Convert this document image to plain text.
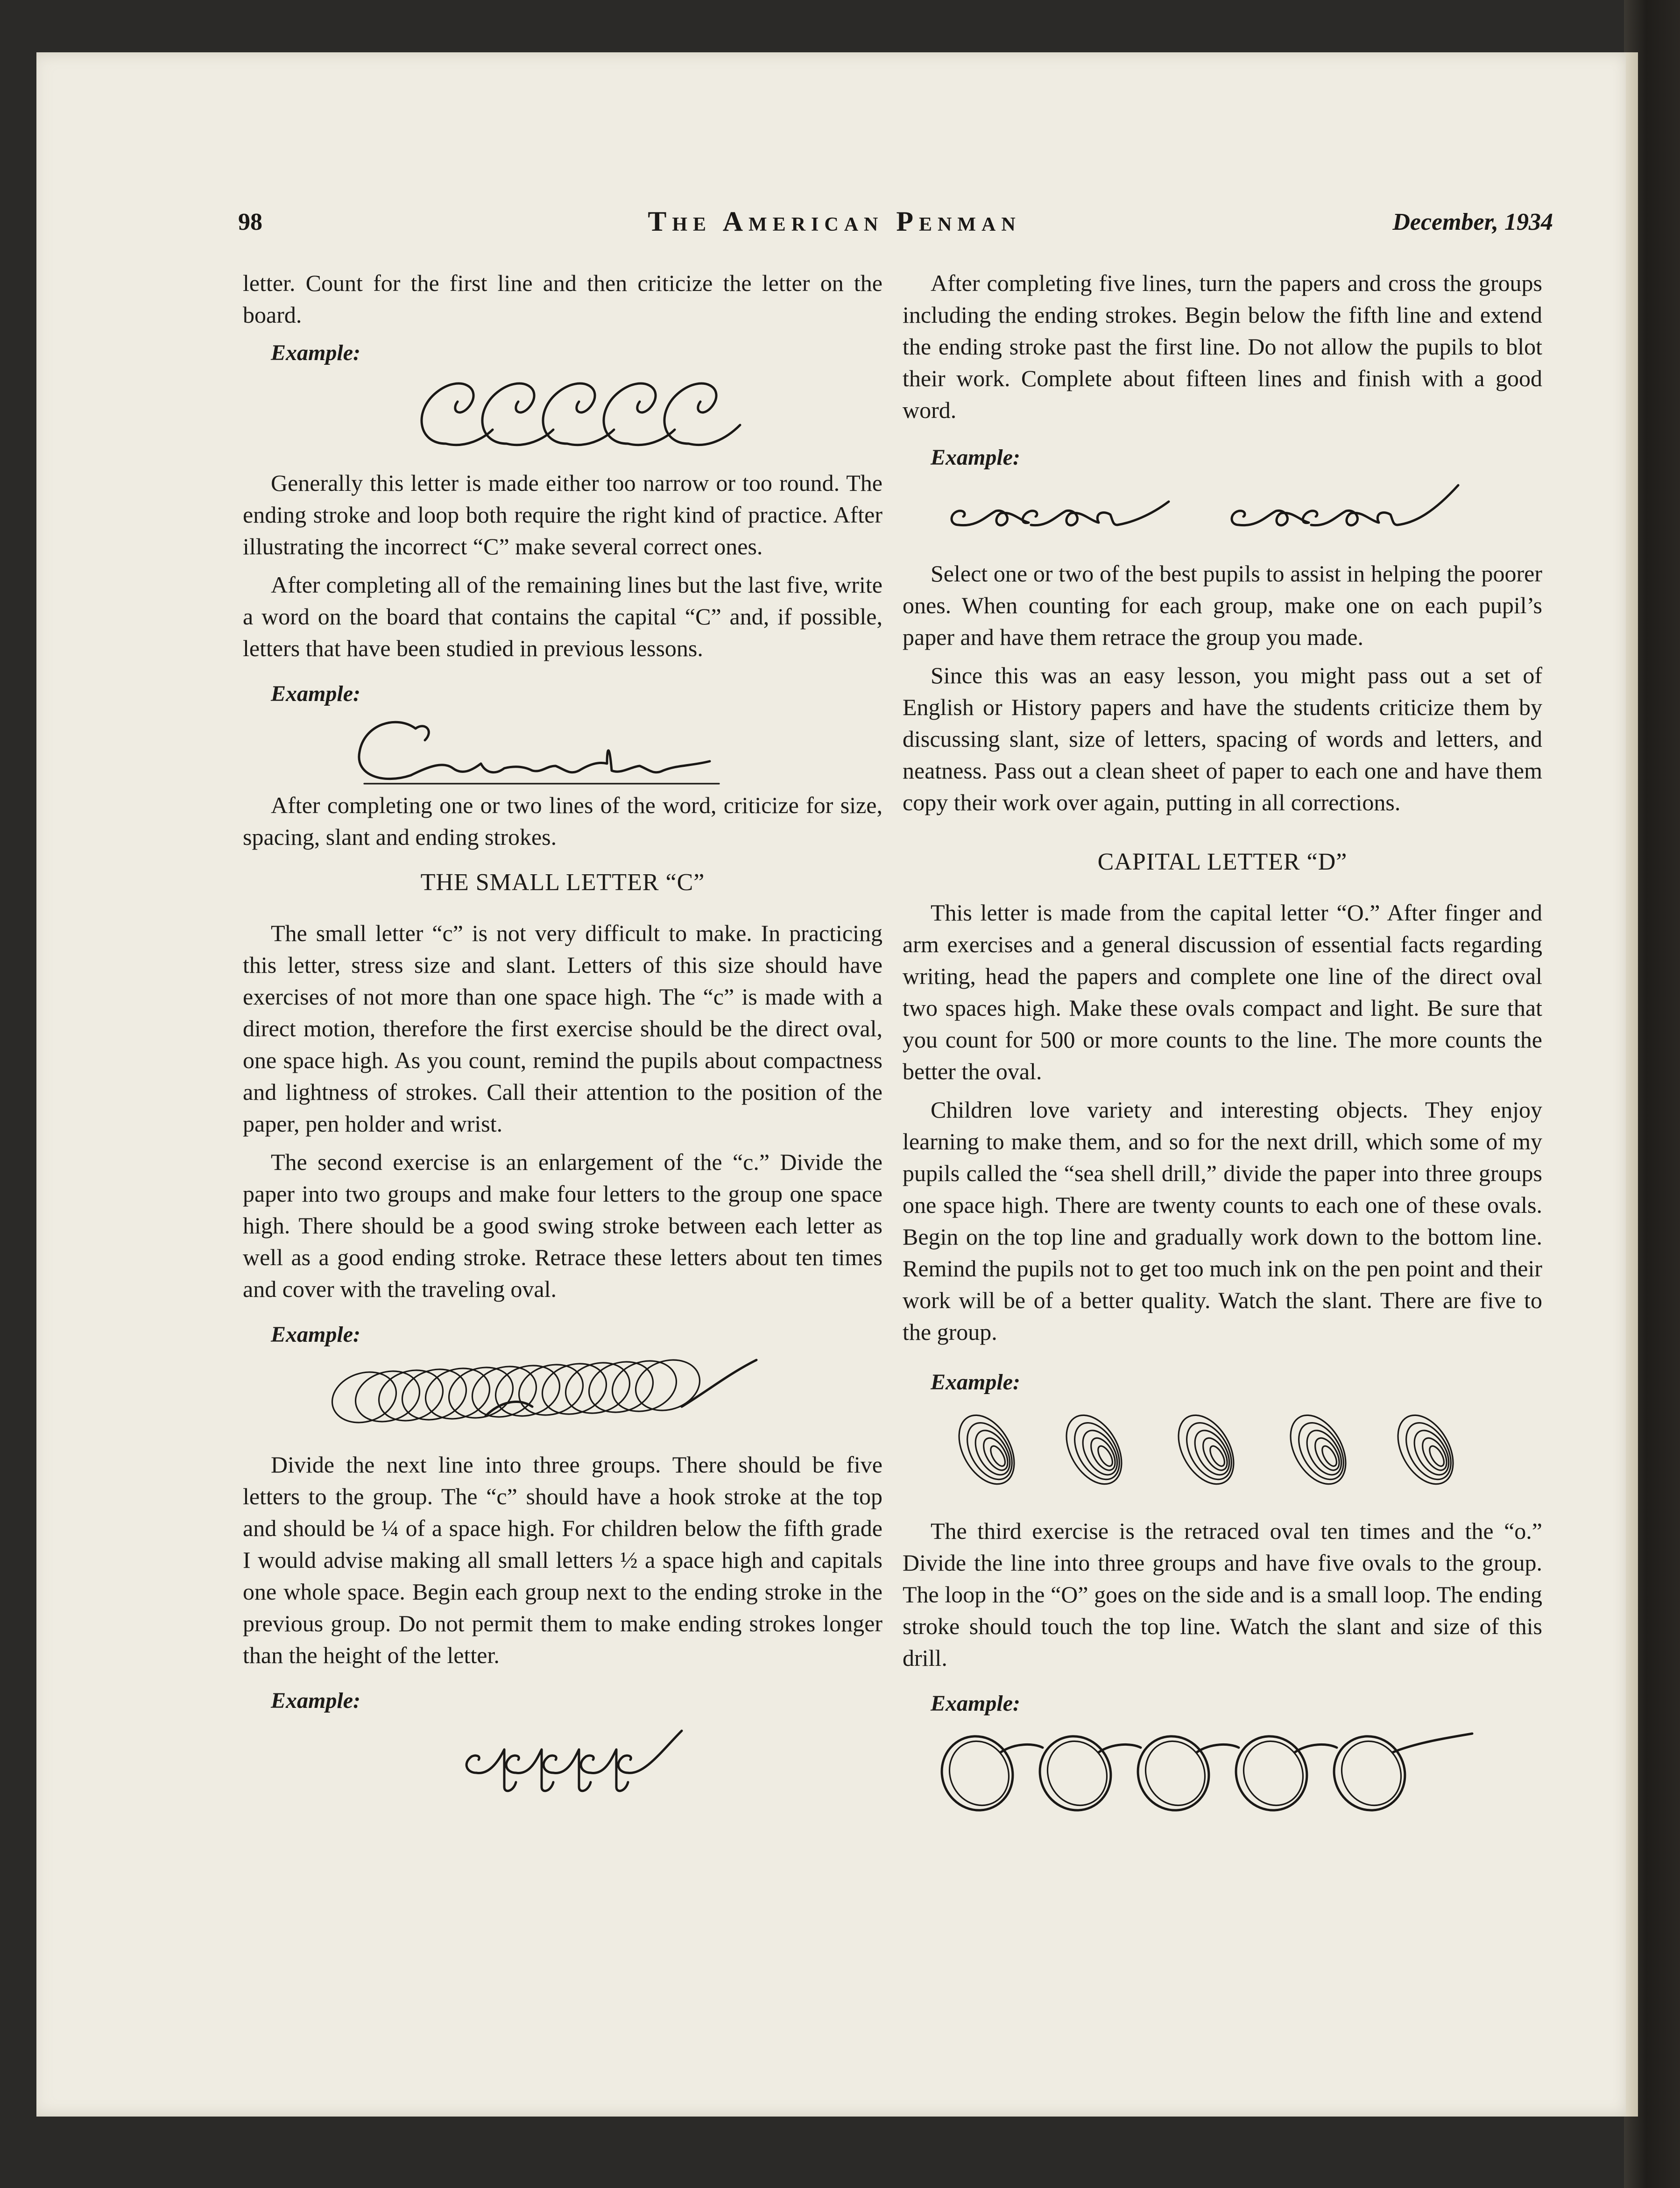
98	The American Penman	December, 1934

letter. Count for the first line and then criticize the letter on the board.

Example:

Generally this letter is made either too narrow or too round. The ending stroke and loop both require the right kind of practice. After illustrating the incorrect “C” make several correct ones.

After completing all of the remaining lines but the last five, write a word on the board that contains the capital “C” and, if possible, letters that have been studied in previous lessons.

Example:

After completing one or two lines of the word, criticize for size, spacing, slant and ending strokes.

THE SMALL LETTER “C”

The small letter “c” is not very difficult to make. In practicing this letter, stress size and slant. Letters of this size should have exercises of not more than one space high. The “c” is made with a direct motion, therefore the first exercise should be the direct oval, one space high. As you count, remind the pupils about compactness and lightness of strokes. Call their attention to the position of the paper, pen holder and wrist.

The second exercise is an enlargement of the “c.” Divide the paper into two groups and make four letters to the group one space high. There should be a good swing stroke between each letter as well as a good ending stroke. Retrace these letters about ten times and cover with the traveling oval.

Example:

Divide the next line into three groups. There should be five letters to the group. The “c” should have a hook stroke at the top and should be ¼ of a space high. For children below the fifth grade I would advise making all small letters ½ a space high and capitals one whole space. Begin each group next to the ending stroke in the previous group. Do not permit them to make ending strokes longer than the height of the letter.

Example:

After completing five lines, turn the papers and cross the groups including the ending strokes. Begin below the fifth line and extend the ending stroke past the first line. Do not allow the pupils to blot their work. Complete about fifteen lines and finish with a good word.

Example:

Select one or two of the best pupils to assist in helping the poorer ones. When counting for each group, make one on each pupil’s paper and have them retrace the group you made.

Since this was an easy lesson, you might pass out a set of English or History papers and have the students criticize them by discussing slant, size of letters, spacing of words and letters, and neatness. Pass out a clean sheet of paper to each one and have them copy their work over again, putting in all corrections.

CAPITAL LETTER “D”

This letter is made from the capital letter “O.” After finger and arm exercises and a general discussion of essential facts regarding writing, head the papers and complete one line of the direct oval two spaces high. Make these ovals compact and light. Be sure that you count for 500 or more counts to the line. The more counts the better the oval.

Children love variety and interesting objects. They enjoy learning to make them, and so for the next drill, which some of my pupils called the “sea shell drill,” divide the paper into three groups one space high. There are twenty counts to each one of these ovals. Begin on the top line and gradually work down to the bottom line. Remind the pupils not to get too much ink on the pen point and their work will be of a better quality. Watch the slant. There are five to the group.

Example:

The third exercise is the retraced oval ten times and the “o.” Divide the line into three groups and have five ovals to the group. The loop in the “O” goes on the side and is a small loop. The ending stroke should touch the top line. Watch the slant and size of this drill.

Example:
